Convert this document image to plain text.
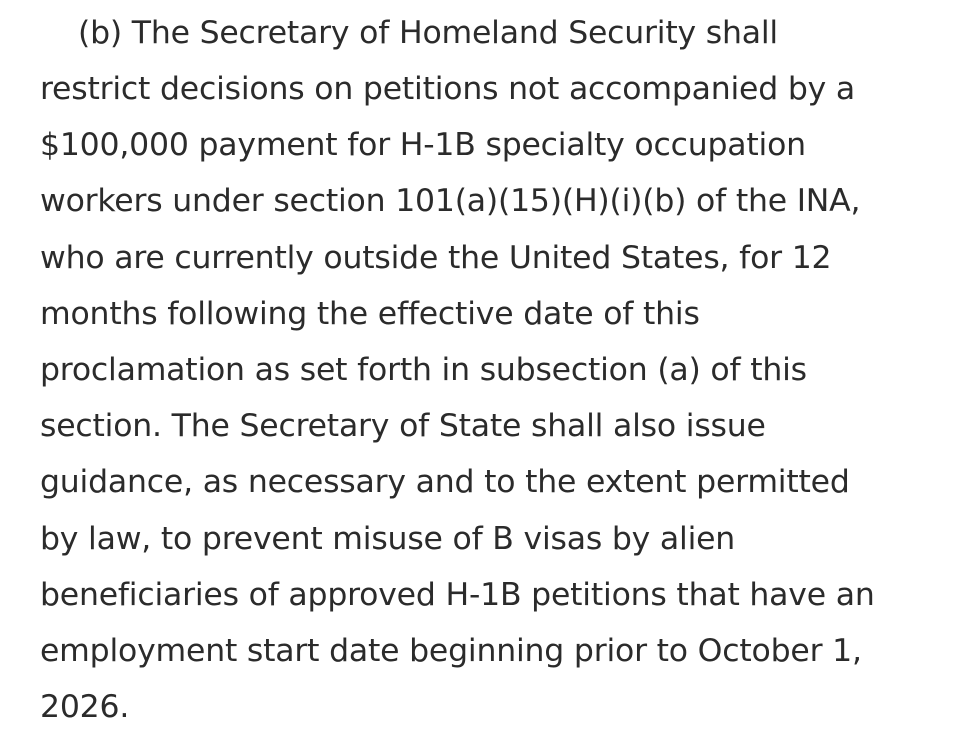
(b) The Secretary of Homeland Security shall

restrict decisions on petitions not accompanied by a

$100,000 payment for H-1B specialty occupation

workers under section 101(a)(15)(H)(i)(b) of the INA,

who are currently outside the United States, for 12

months following the effective date of this

proclamation as set forth in subsection (a) of this

section. The Secretary of State shall also issue

guidance, as necessary and to the extent permitted

by law, to prevent misuse of B visas by alien

beneficiaries of approved H-1B petitions that have an

employment start date beginning prior to October 1,

2026.
